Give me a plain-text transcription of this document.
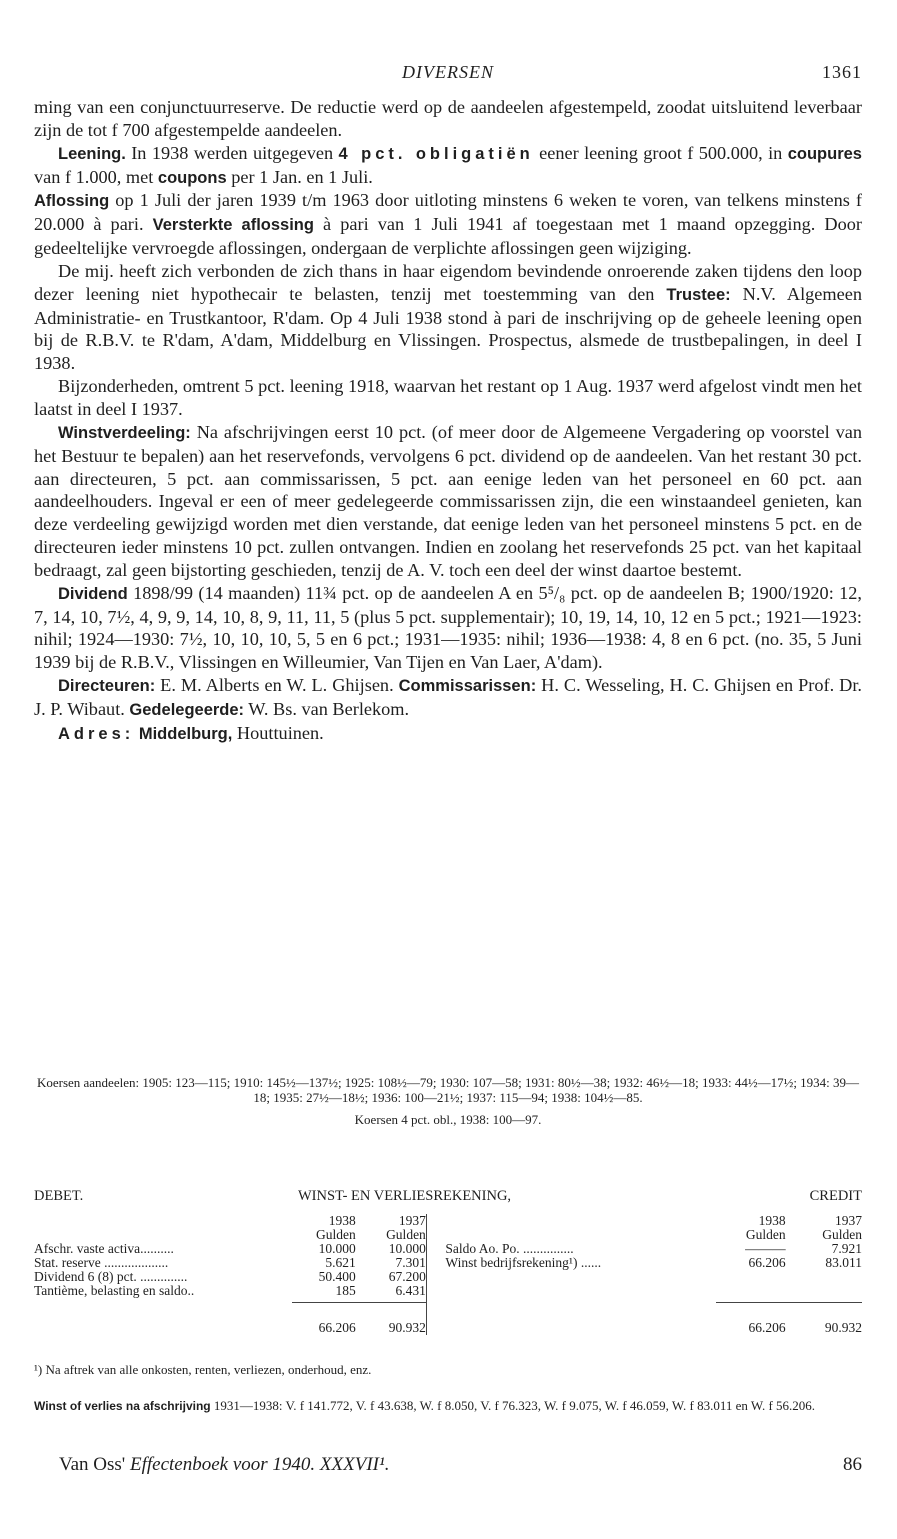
DIVERSEN	1361

ming van een conjunctuurreserve. De reductie werd op de aandeelen afgestempeld, zoodat uitsluitend leverbaar zijn de tot f 700 afgestempelde aandeelen.

Leening. In 1938 werden uitgegeven 4 pct. obligatiën eener leening groot f 500.000, in coupures van f 1.000, met coupons per 1 Jan. en 1 Juli.

Aflossing op 1 Juli der jaren 1939 t/m 1963 door uitloting minstens 6 weken te voren, van telkens minstens f 20.000 à pari. Versterkte aflossing à pari van 1 Juli 1941 af toegestaan met 1 maand opzegging. Door gedeeltelijke vervroegde aflossingen, ondergaan de verplichte aflossingen geen wijziging.

De mij. heeft zich verbonden de zich thans in haar eigendom bevindende onroerende zaken tijdens den loop dezer leening niet hypothecair te belasten, tenzij met toestemming van den Trustee: N.V. Algemeen Administratie- en Trustkantoor, R'dam. Op 4 Juli 1938 stond à pari de inschrijving op de geheele leening open bij de R.B.V. te R'dam, A'dam, Middelburg en Vlissingen. Prospectus, alsmede de trustbepalingen, in deel I 1938.

Bijzonderheden, omtrent 5 pct. leening 1918, waarvan het restant op 1 Aug. 1937 werd afgelost vindt men het laatst in deel I 1937.

Winstverdeeling: Na afschrijvingen eerst 10 pct. (of meer door de Algemeene Vergadering op voorstel van het Bestuur te bepalen) aan het reservefonds, vervolgens 6 pct. dividend op de aandeelen. Van het restant 30 pct. aan directeuren, 5 pct. aan commissarissen, 5 pct. aan eenige leden van het personeel en 60 pct. aan aandeelhouders. Ingeval er een of meer gedelegeerde commissarissen zijn, die een winstaandeel genieten, kan deze verdeeling gewijzigd worden met dien verstande, dat eenige leden van het personeel minstens 5 pct. en de directeuren ieder minstens 10 pct. zullen ontvangen. Indien en zoolang het reservefonds 25 pct. van het kapitaal bedraagt, zal geen bijstorting geschieden, tenzij de A. V. toch een deel der winst daartoe bestemt.

Dividend 1898/99 (14 maanden) 11¾ pct. op de aandeelen A en 5⁵/₈ pct. op de aandeelen B; 1900/1920: 12, 7, 14, 10, 7½, 4, 9, 9, 14, 10, 8, 9, 11, 11, 5 (plus 5 pct. supplementair); 10, 19, 14, 10, 12 en 5 pct.; 1921—1923: nihil; 1924—1930: 7½, 10, 10, 10, 5, 5 en 6 pct.; 1931—1935: nihil; 1936—1938: 4, 8 en 6 pct. (no. 35, 5 Juni 1939 bij de R.B.V., Vlissingen en Willeumier, Van Tijen en Van Laer, A'dam).

Directeuren: E. M. Alberts en W. L. Ghijsen. Commissarissen: H. C. Wesseling, H. C. Ghijsen en Prof. Dr. J. P. Wibaut. Gedelegeerde: W. Bs. van Berlekom.

Adres: Middelburg, Houttuinen.

Koersen aandeelen: 1905: 123—115; 1910: 145½—137½; 1925: 108½—79; 1930: 107—58; 1931: 80½—38; 1932: 46½—18; 1933: 44½—17½; 1934: 39—18; 1935: 27½—18½; 1936: 100—21½; 1937: 115—94; 1938: 104½—85.

Koersen 4 pct. obl., 1938: 100—97.

DEBET.	WINST- EN VERLIESREKENING,	CREDIT
	1938		1937			1938		1937
	Gulden		Gulden			Gulden		Gulden
Afschr. vaste activa..........	10.000		10.000		Saldo Ao. Po. ...............	———		7.921
Stat. reserve ...................	5.621		7.301		Winst bedrijfsrekening¹) ......	66.206		83.011
Dividend 6 (8) pct. ..............	50.400		67.200					
Tantième, belasting en saldo..	185		6.431					

	66.206		90.932			66.206		90.932
¹) Na aftrek van alle onkosten, renten, verliezen, onderhoud, enz.
Winst of verlies na afschrijving 1931—1938: V. f 141.772, V. f 43.638, W. f 8.050, V. f 76.323, W. f 9.075, W. f 46.059, W. f 83.011 en W. f 56.206.
Van Oss' Effectenboek voor 1940. XXXVII¹.	86
